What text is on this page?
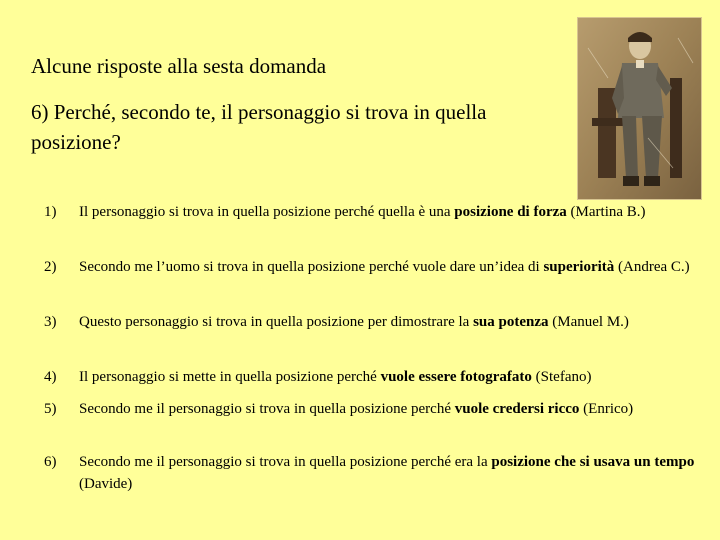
Alcune risposte alla sesta domanda
6) Perché, secondo te, il personaggio si trova in quella posizione?
1)	Il personaggio si trova in quella posizione perché quella è una posizione di forza (Martina B.)
2)	Secondo me l’uomo si trova in quella posizione perché vuole dare un’idea di superiorità (Andrea C.)
3)	Questo personaggio si trova in quella posizione per dimostrare la sua potenza (Manuel M.)
4)	Il personaggio si mette in quella posizione perché vuole essere fotografato (Stefano)
5)	Secondo me il personaggio si trova in quella posizione perché vuole credersi ricco (Enrico)
6)	Secondo me il personaggio si trova in quella posizione perché era la posizione che si usava un tempo (Davide)
